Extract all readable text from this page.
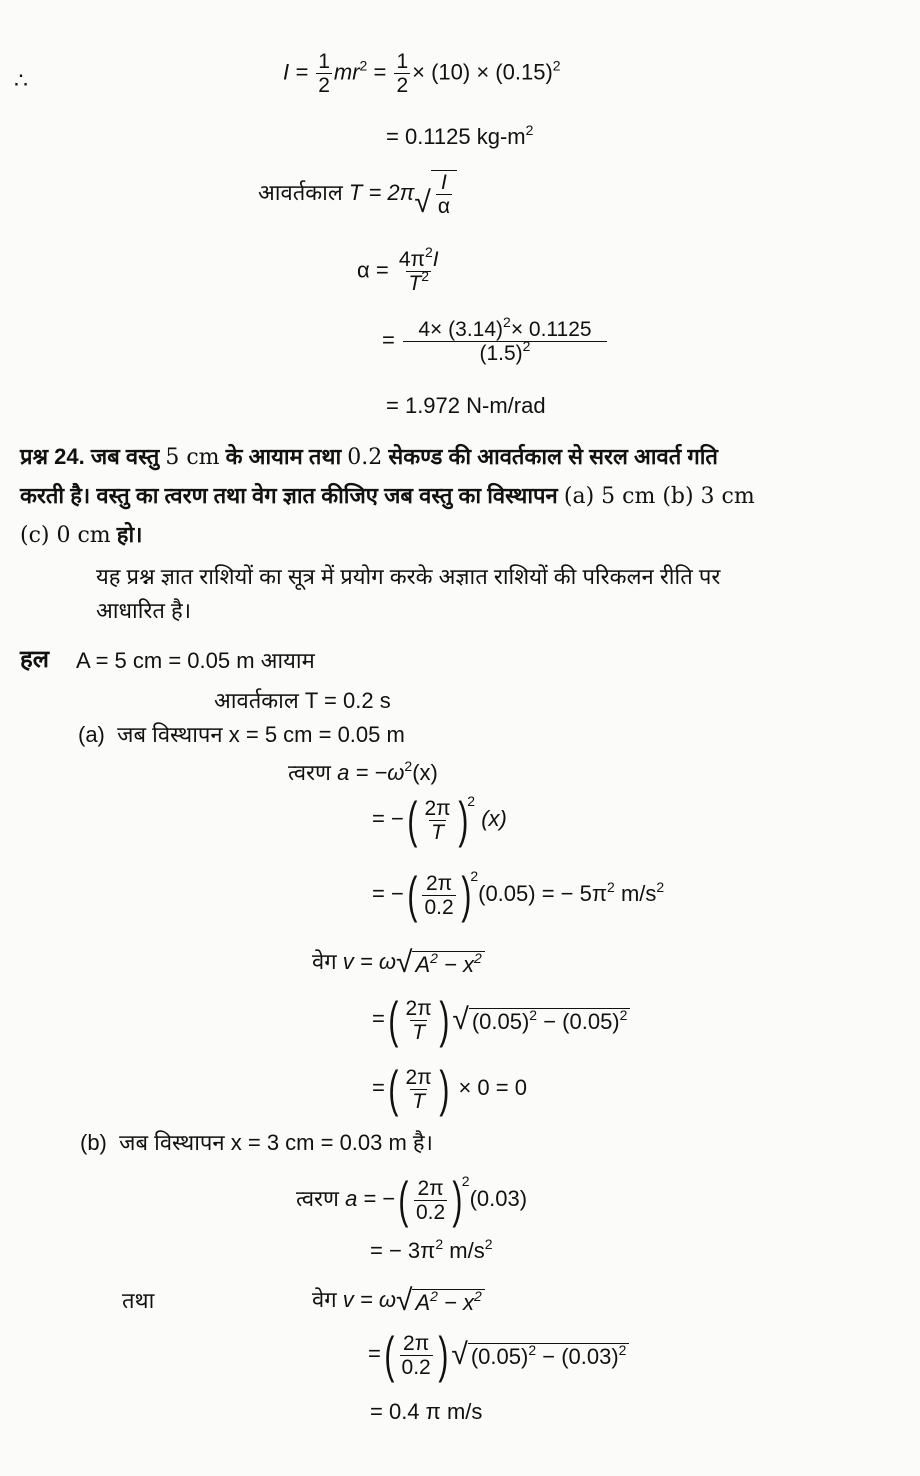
∴	$I = \frac{1}{2} mr^2 = \frac{1}{2} \times (10) \times (0.15)^2$
= 0.1125 $kg-m^2$
आवर्तकाल T = 2π √ $\frac{I}{\alpha}$
$\alpha = \frac{4\pi^2I}{T^2}$
= $\frac{4\times (3.14)^2\times 0.1125}{(1.5)^2}$
= 1.972 N-m/rad
प्रश्न 24. जब वस्तु 5 cm के आयाम तथा 0.2 सेकण्ड की आवर्तकाल से सरल आवर्त गति
करती है। वस्तु का त्वरण तथा वेग ज्ञात कीजिए जब वस्तु का विस्थापन (a) 5 cm (b) 3 cm
(c) 0 cm हो।
यह प्रश्न ज्ञात राशियों का सूत्र में प्रयोग करके अज्ञात राशियों की परिकलन रीति पर
आधारित है।
हल A = 5 cm = 0.05 m आयाम
आवर्तकाल T = 0.2 s
(a) जब विस्थापन x = 5 cm = 0.05 m
त्वरण $a = -\omega^2(x)$
= − ( $\frac{2\pi}{T}$ ) $^2$ (x)
= − ( $\frac{2\pi}{0.2}$ ) $^2$(0.05) = − $5\pi^2$ $m/s^2$
वेग v = ω √ $A^2 - x^2$
= ( $\frac{2\pi}{T}$ ) √ $(0.05)^2 - (0.05)^2$
= ( $\frac{2\pi}{T}$ ) × 0 = 0
(b) जब विस्थापन x = 3 cm = 0.03 m है।
त्वरण a = − ( $\frac{2\pi}{0.2}$ ) $^2$(0.03)
= − $3\pi^2$ $m/s^2$
तथा	वेग v = ω √ $A^2 - x^2$
= ( $\frac{2\pi}{0.2}$ ) √ $(0.05)^2 - (0.03)^2$
= 0.4 π m/s
